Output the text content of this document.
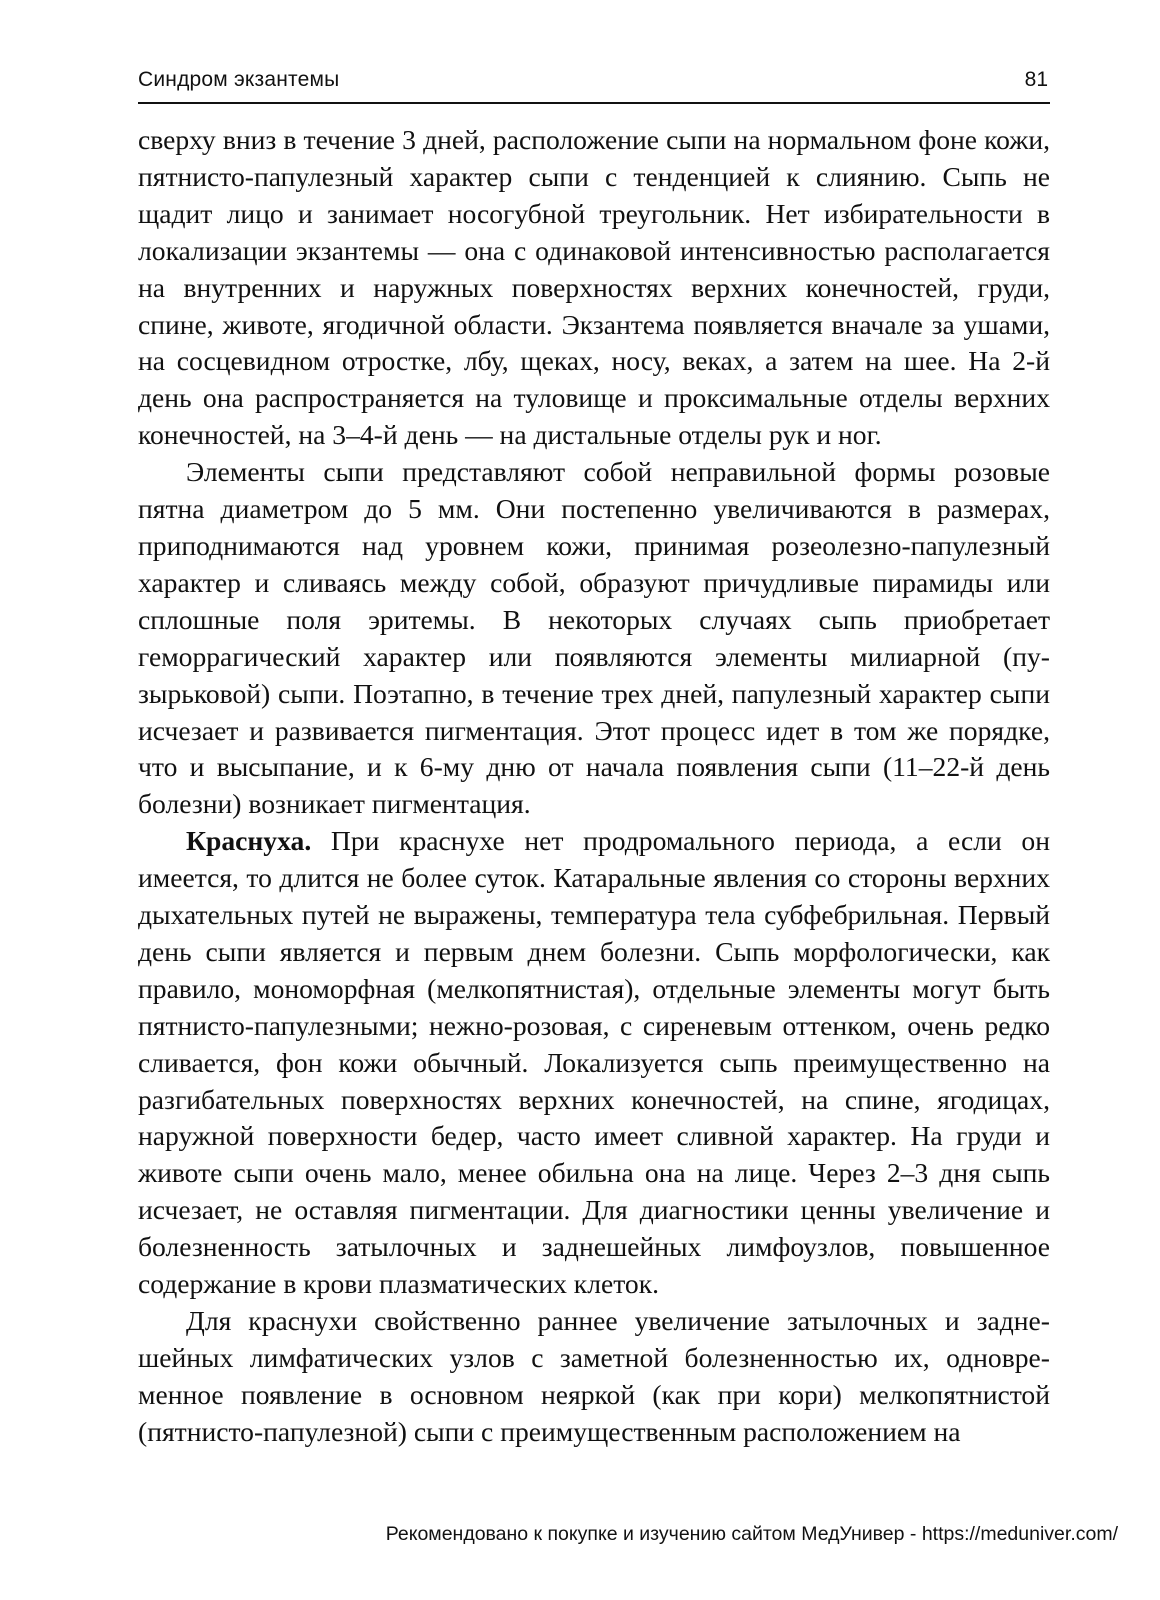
Синдром экзантемы	81

сверху вниз в течение 3 дней, расположение сыпи на нормальном фоне кожи, пятнисто-папулезный характер сыпи с тенденцией к слиянию. Сыпь не щадит лицо и занимает носогубной треугольник. Нет избирательности в локализации экзантемы — она с одинаковой интенсивностью располагается на внутренних и наружных поверхностях верхних конечностей, груди, спине, животе, ягодичной области. Экзантема появляется вначале за ушами, на сосцевидном отростке, лбу, щеках, носу, веках, а затем на шее. На 2-й день она распространяется на туловище и проксимальные отделы верхних конечностей, на 3–4-й день — на дистальные отделы рук и ног.

Элементы сыпи представляют собой неправильной формы розовые пятна диаметром до 5 мм. Они постепенно увеличиваются в размерах, приподнимаются над уровнем кожи, принимая розеолезно-папулезный характер и сливаясь между собой, образуют причудливые пирамиды или сплошные поля эритемы. В некоторых случаях сыпь приобретает геморрагический характер или появляются элементы милиарной (пузырьковой) сыпи. Поэтапно, в течение трех дней, папулезный характер сыпи исчезает и развивается пигментация. Этот процесс идет в том же порядке, что и высыпание, и к 6-му дню от начала появления сыпи (11–22-й день болезни) возникает пигментация.

Краснуха. При краснухе нет продромального периода, а если он имеется, то длится не более суток. Катаральные явления со стороны верхних дыхательных путей не выражены, температура тела субфебрильная. Первый день сыпи является и первым днем болезни. Сыпь морфологически, как правило, мономорфная (мелкопятнистая), отдельные элементы могут быть пятнисто-папулезными; нежно-розовая, с сиреневым оттенком, очень редко сливается, фон кожи обычный. Локализуется сыпь преимущественно на разгибательных поверхностях верхних конечностей, на спине, ягодицах, наружной поверхности бедер, часто имеет сливной характер. На груди и животе сыпи очень мало, менее обильна она на лице. Через 2–3 дня сыпь исчезает, не оставляя пигментации. Для диагностики ценны увеличение и болезненность затылочных и заднешейных лимфоузлов, повышенное содержание в крови плазматических клеток.

Для краснухи свойственно раннее увеличение затылочных и заднешейных лимфатических узлов с заметной болезненностью их, одновременное появление в основном неяркой (как при кори) мелкопятнистой (пятнисто-папулезной) сыпи с преимущественным расположением на

Рекомендовано к покупке и изучению сайтом МедУнивер - https://meduniver.com/
